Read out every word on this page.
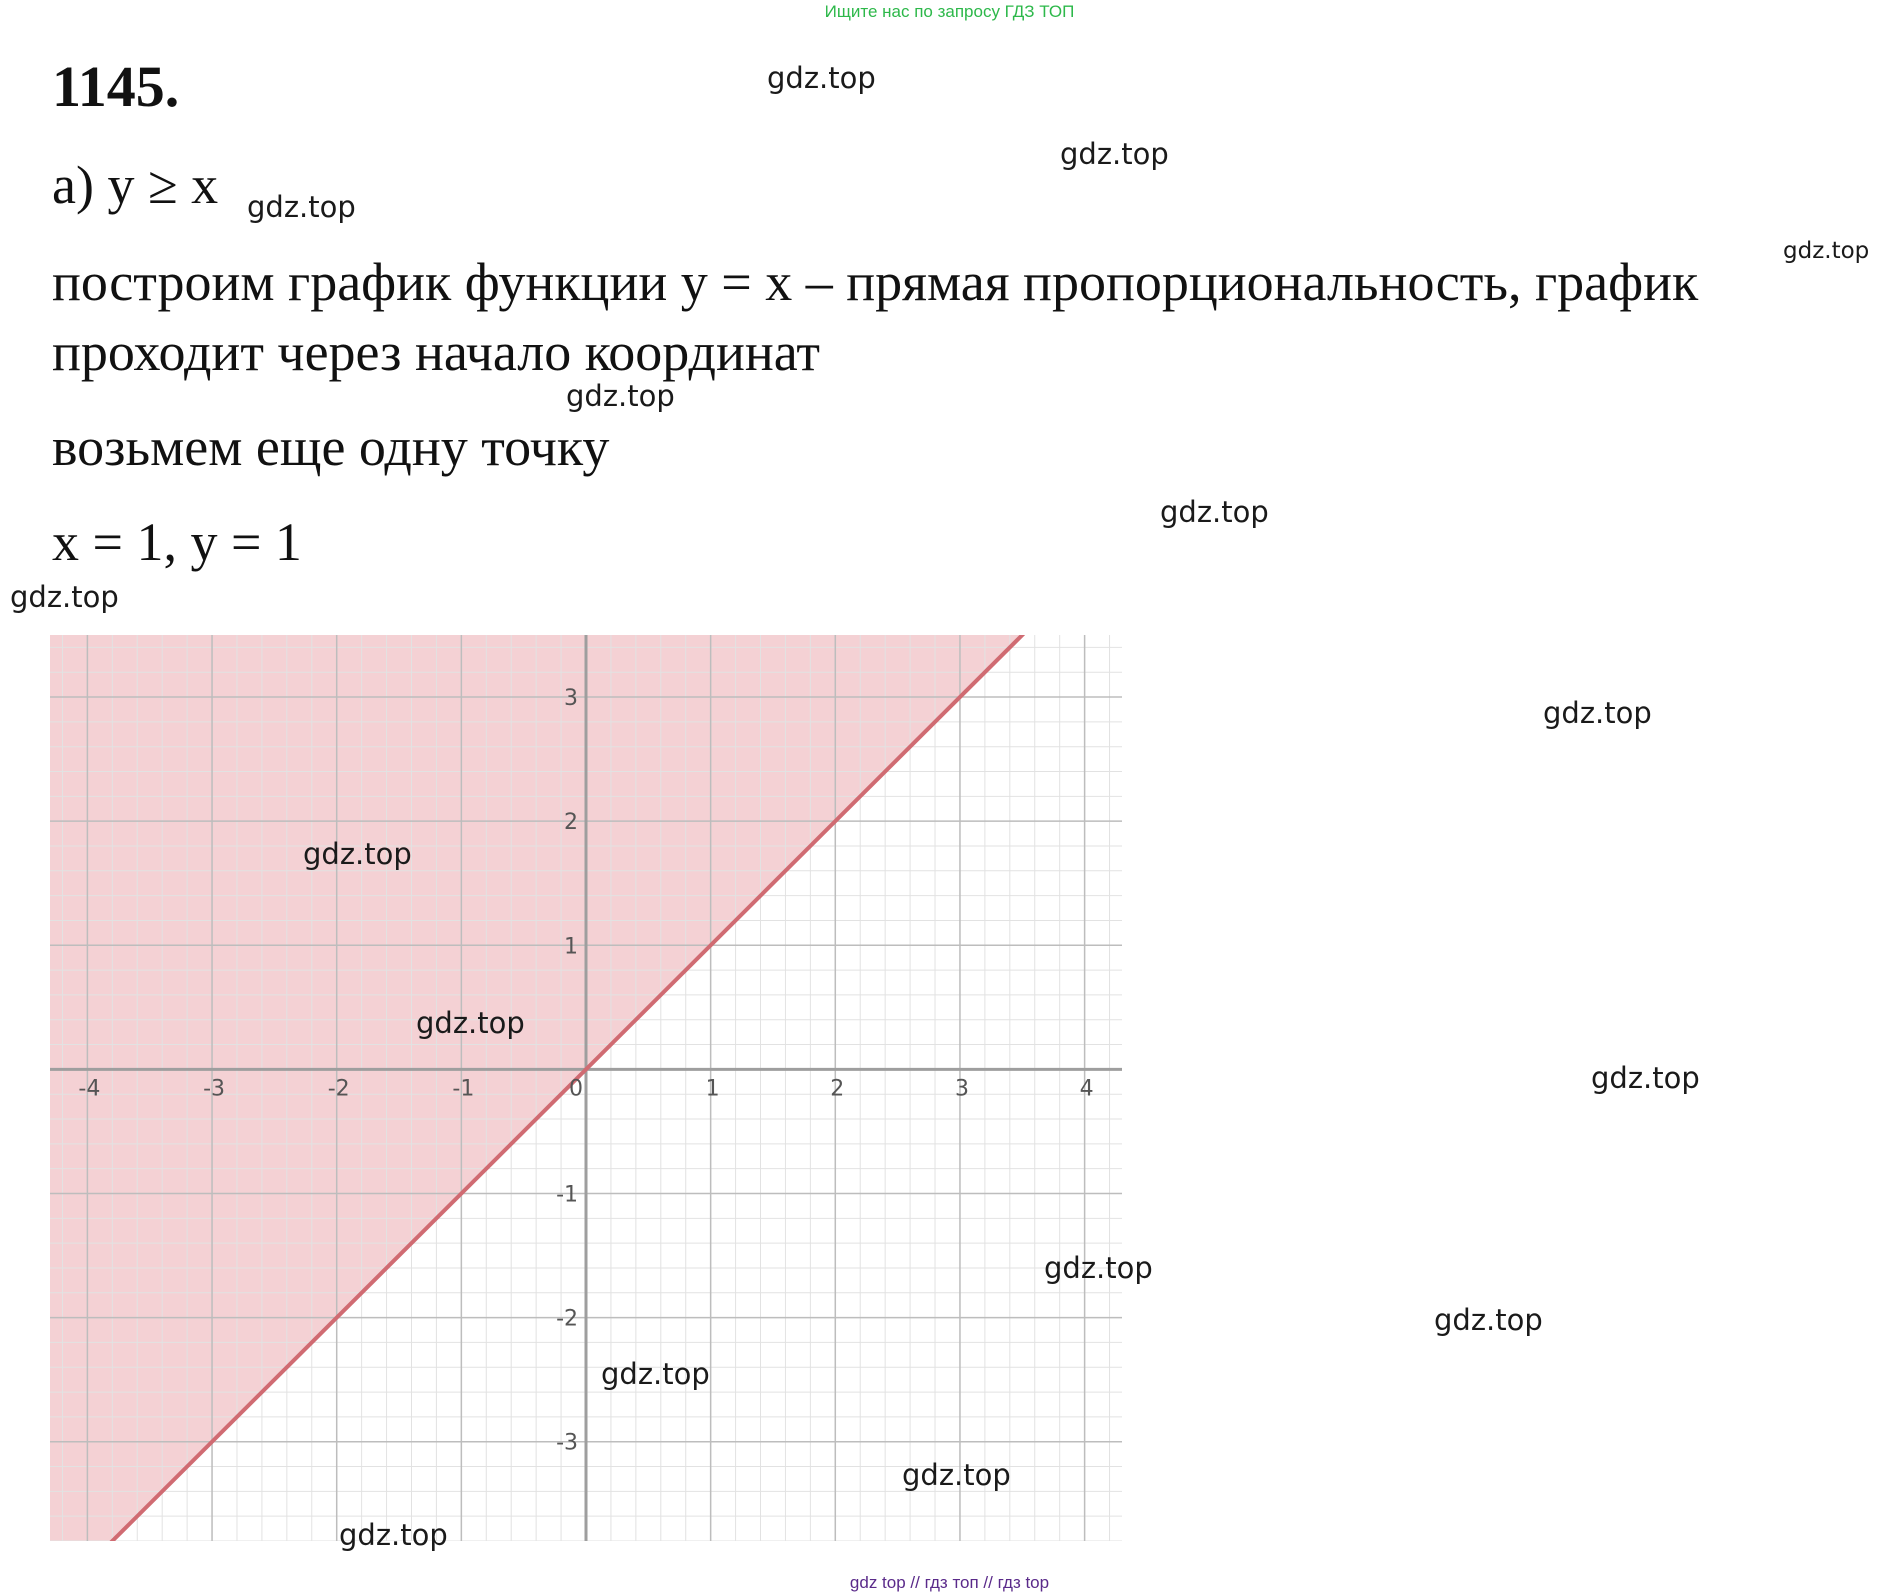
Ищите нас по запросу ГДЗ ТОП
1145.
а) y ≥ x
построим график функции y = x – прямая пропорциональность, график
проходит через начало координат
возьмем еще одну точку
x = 1, y = 1
-4	-3	-2	-1	0	1	2	3	4
-3
-2
-1
1
2
3
gdz.top
gdz.top
gdz.top
gdz.top
gdz.top
gdz.top
gdz.top
gdz.top
gdz.top
gdz.top
gdz.top
gdz.top
gdz.top
gdz.top
gdz.top
gdz.top
gdz top // гдз топ // гдз top
